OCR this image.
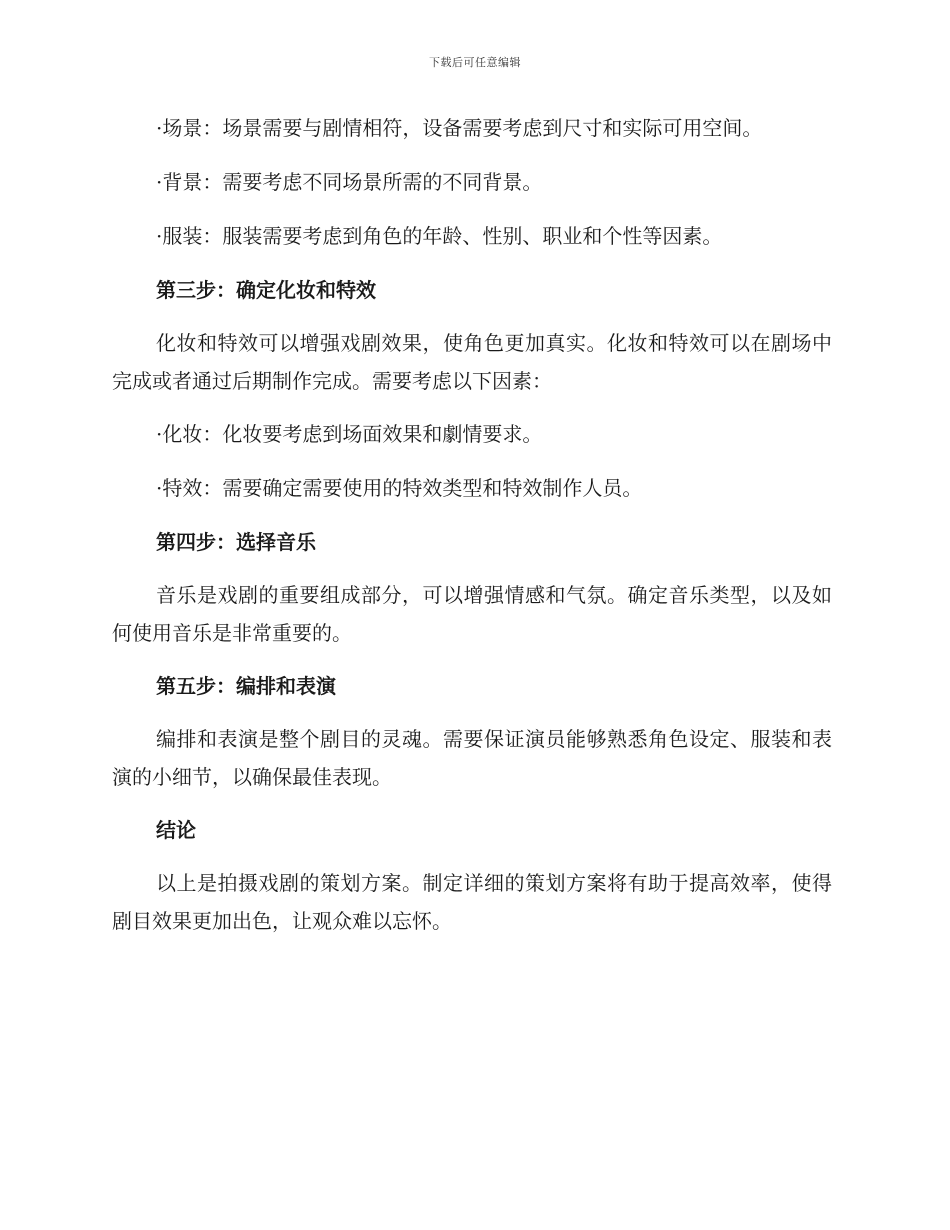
下载后可任意编辑
·场景：场景需要与剧情相符，设备需要考虑到尺寸和实际可用空间。
·背景：需要考虑不同场景所需的不同背景。
·服装：服装需要考虑到角色的年龄、性别、职业和个性等因素。
第三步：确定化妆和特效
化妆和特效可以增强戏剧效果，使角色更加真实。化妆和特效可以在剧场中完成或者通过后期制作完成。需要考虑以下因素：
·化妆：化妆要考虑到场面效果和劇情要求。
·特效：需要确定需要使用的特效类型和特效制作人员。
第四步：选择音乐
音乐是戏剧的重要组成部分，可以增强情感和气氛。确定音乐类型，以及如何使用音乐是非常重要的。
第五步：编排和表演
编排和表演是整个剧目的灵魂。需要保证演员能够熟悉角色设定、服装和表演的小细节，以确保最佳表现。
结论
以上是拍摄戏剧的策划方案。制定详细的策划方案将有助于提高效率，使得剧目效果更加出色，让观众难以忘怀。
